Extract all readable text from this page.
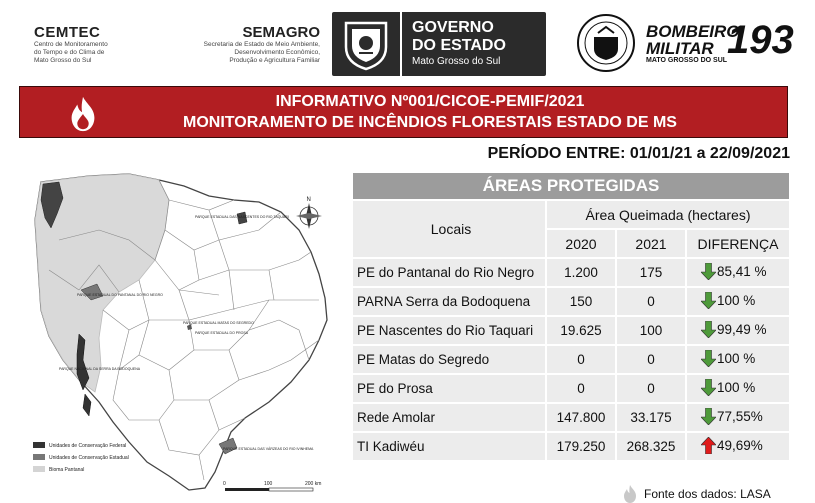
CEMTEC
Centro de Monitoramento
do Tempo e do Clima de
Mato Grosso do Sul
SEMAGRO
Secretaria de Estado de Meio Ambiente,
Desenvolvimento Econômico,
Produção e Agricultura Familiar
GOVERNO
DO ESTADO
Mato Grosso do Sul
BOMBEIRO
MILITAR
MATO GROSSO DO SUL 193
INFORMATIVO Nº001/CICOE-PEMIF/2021
MONITORAMENTO DE INCÊNDIOS FLORESTAIS ESTADO DE MS
PERÍODO ENTRE: 01/01/21 a 22/09/2021
PARQUE ESTADUAL DAS NASCENTES DO RIO TAQUARI
PARQUE ESTADUAL DO PANTANAL DO RIO NEGRO
PARQUE ESTADUAL MATAS DO SEGREDO
PARQUE ESTADUAL DO PROSA
PARQUE NACIONAL DA SERRA DA BODOQUENA
PARQUE ESTADUAL DAS VÁRZEAS DO RIO IVINHEMA
N
Unidades de Conservação Federal
Unidades de Conservação Estadual
Bioma Pantanal
0	100	200 km
ÁREAS PROTEGIDAS
Locais	Área Queimada (hectares)		
	2020	2021	DIFERENÇA
PE do Pantanal do Rio Negro	1.200	175	85,41 %

PARNA Serra da Bodoquena	150	0	100 %

PE Nascentes do Rio Taquari	19.625	100	99,49 %

PE Matas do Segredo	0	0	100 %

PE do Prosa	0	0	100 %

Rede Amolar	147.800	33.175	77,55%

TI Kadiwéu	179.250	268.325	49,69%
Fonte dos dados: LASA
